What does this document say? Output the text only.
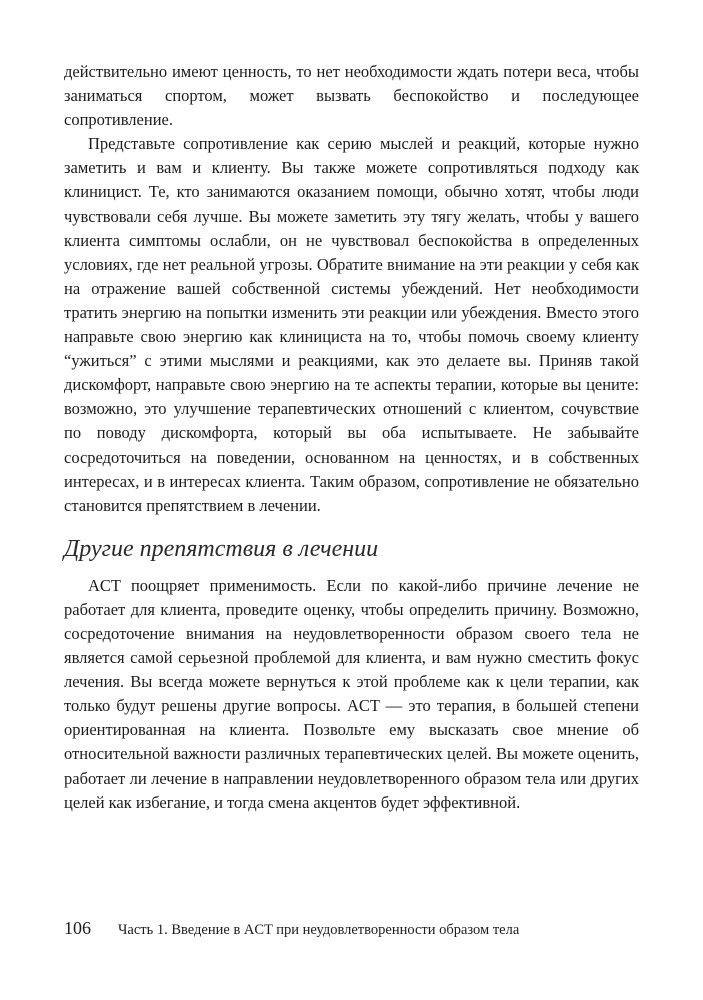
действительно имеют ценность, то нет необходимости ждать потери веса, чтобы заниматься спортом, может вызвать беспокойство и последующее сопротивление.

Представьте сопротивление как серию мыслей и реакций, которые нужно заметить и вам и клиенту. Вы также можете сопротивляться подходу как клиницист. Те, кто занимаются оказанием помощи, обычно хотят, чтобы люди чувствовали себя лучше. Вы можете заметить эту тягу желать, чтобы у вашего клиента симптомы ослабли, он не чувствовал беспокойства в определенных условиях, где нет реальной угрозы. Обратите внимание на эти реакции у себя как на отражение вашей собственной системы убеждений. Нет необходимости тратить энергию на попытки изменить эти реакции или убеждения. Вместо этого направьте свою энергию как клинициста на то, чтобы помочь своему клиенту “ужиться” с этими мыслями и реакциями, как это делаете вы. Приняв такой дискомфорт, направьте свою энергию на те аспекты терапии, которые вы цените: возможно, это улучшение терапевтических отношений с клиентом, сочувствие по поводу дискомфорта, который вы оба испытываете. Не забывайте сосредоточиться на поведении, основанном на ценностях, и в собственных интересах, и в интересах клиента. Таким образом, сопротивление не обязательно становится препятствием в лечении.

Другие препятствия в лечении

ACT поощряет применимость. Если по какой-либо причине лечение не работает для клиента, проведите оценку, чтобы определить причину. Возможно, сосредоточение внимания на неудовлетворенности образом своего тела не является самой серьезной проблемой для клиента, и вам нужно сместить фокус лечения. Вы всегда можете вернуться к этой проблеме как к цели терапии, как только будут решены другие вопросы. ACT — это терапия, в большей степени ориентированная на клиента. Позвольте ему высказать свое мнение об относительной важности различных терапевтических целей. Вы можете оценить, работает ли лечение в направлении неудовлетворенного образом тела или других целей как избегание, и тогда смена акцентов будет эффективной.

106	Часть 1. Введение в ACT при неудовлетворенности образом тела
